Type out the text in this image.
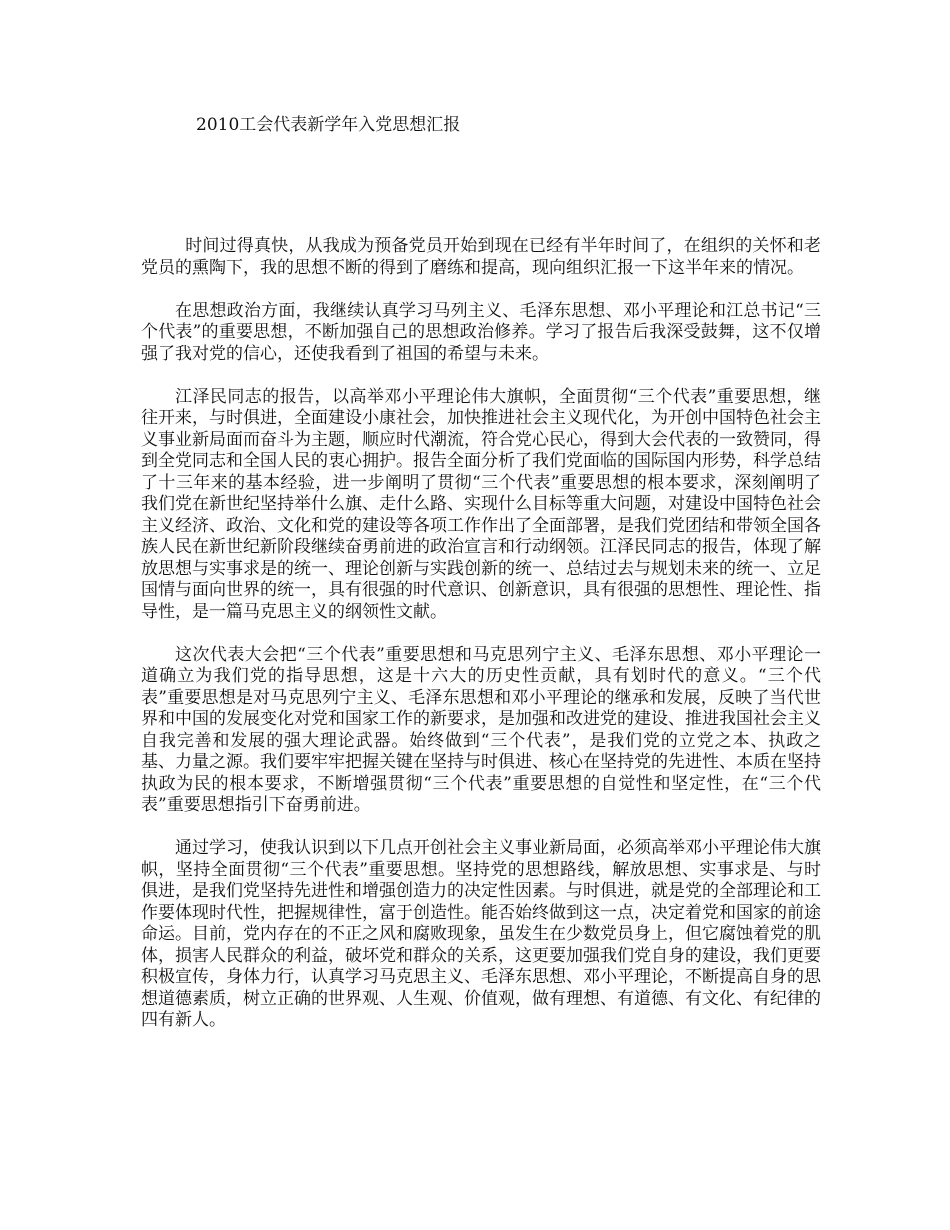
2010工会代表新学年入党思想汇报

时间过得真快，从我成为预备党员开始到现在已经有半年时间了，在组织的关怀和老党员的熏陶下，我的思想不断的得到了磨练和提高，现向组织汇报一下这半年来的情况。

在思想政治方面，我继续认真学习马列主义、毛泽东思想、邓小平理论和江总书记“三个代表”的重要思想，不断加强自己的思想政治修养。学习了报告后我深受鼓舞，这不仅增强了我对党的信心，还使我看到了祖国的希望与未来。

江泽民同志的报告，以高举邓小平理论伟大旗帜，全面贯彻“三个代表”重要思想，继往开来，与时俱进，全面建设小康社会，加快推进社会主义现代化，为开创中国特色社会主义事业新局面而奋斗为主题，顺应时代潮流，符合党心民心，得到大会代表的一致赞同，得到全党同志和全国人民的衷心拥护。报告全面分析了我们党面临的国际国内形势，科学总结了十三年来的基本经验，进一步阐明了贯彻“三个代表”重要思想的根本要求，深刻阐明了我们党在新世纪坚持举什么旗、走什么路、实现什么目标等重大问题，对建设中国特色社会主义经济、政治、文化和党的建设等各项工作作出了全面部署，是我们党团结和带领全国各族人民在新世纪新阶段继续奋勇前进的政治宣言和行动纲领。江泽民同志的报告，体现了解放思想与实事求是的统一、理论创新与实践创新的统一、总结过去与规划未来的统一、立足国情与面向世界的统一，具有很强的时代意识、创新意识，具有很强的思想性、理论性、指导性，是一篇马克思主义的纲领性文献。

这次代表大会把“三个代表”重要思想和马克思列宁主义、毛泽东思想、邓小平理论一道确立为我们党的指导思想，这是十六大的历史性贡献，具有划时代的意义。“三个代表”重要思想是对马克思列宁主义、毛泽东思想和邓小平理论的继承和发展，反映了当代世界和中国的发展变化对党和国家工作的新要求，是加强和改进党的建设、推进我国社会主义自我完善和发展的强大理论武器。始终做到“三个代表”，是我们党的立党之本、执政之基、力量之源。我们要牢牢把握关键在坚持与时俱进、核心在坚持党的先进性、本质在坚持执政为民的根本要求，不断增强贯彻“三个代表”重要思想的自觉性和坚定性，在“三个代表”重要思想指引下奋勇前进。

通过学习，使我认识到以下几点开创社会主义事业新局面，必须高举邓小平理论伟大旗帜，坚持全面贯彻“三个代表”重要思想。坚持党的思想路线，解放思想、实事求是、与时俱进，是我们党坚持先进性和增强创造力的决定性因素。与时俱进，就是党的全部理论和工作要体现时代性，把握规律性，富于创造性。能否始终做到这一点，决定着党和国家的前途命运。目前，党内存在的不正之风和腐败现象，虽发生在少数党员身上，但它腐蚀着党的肌体，损害人民群众的利益，破坏党和群众的关系，这更要加强我们党自身的建设，我们更要积极宣传，身体力行，认真学习马克思主义、毛泽东思想、邓小平理论，不断提高自身的思想道德素质，树立正确的世界观、人生观、价值观，做有理想、有道德、有文化、有纪律的四有新人。
